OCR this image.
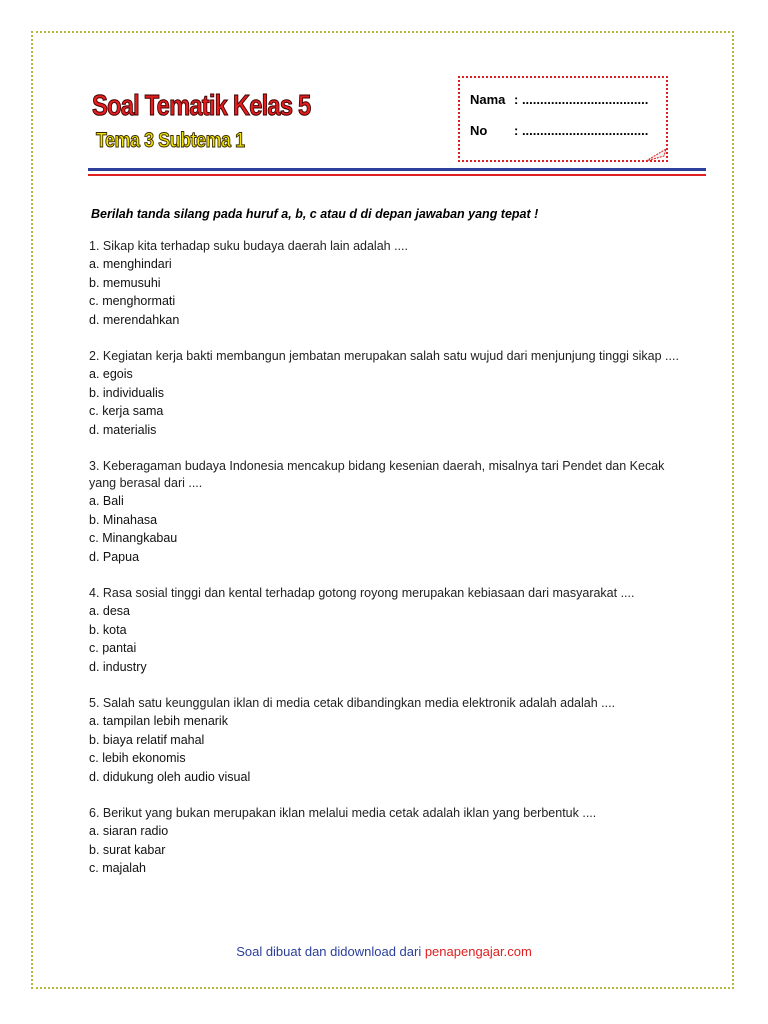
Soal Tematik Kelas 5
Tema 3 Subtema 1
Nama : ...................................
No : ...................................
Berilah tanda silang pada huruf a, b, c atau d di depan jawaban yang tepat !

1. Sikap kita terhadap suku budaya daerah lain adalah ....

a. menghindari

b. memusuhi

c. menghormati

d. merendahkan

2. Kegiatan kerja bakti membangun jembatan merupakan salah satu wujud dari menjunjung tinggi sikap ....

a. egois

b. individualis

c. kerja sama

d. materialis

3. Keberagaman budaya Indonesia mencakup bidang kesenian daerah, misalnya tari Pendet dan Kecak yang berasal dari ....

a. Bali

b. Minahasa

c. Minangkabau

d. Papua

4. Rasa sosial tinggi dan kental terhadap gotong royong merupakan kebiasaan dari masyarakat ....

a. desa

b. kota

c. pantai

d. industry

5. Salah satu keunggulan iklan di media cetak dibandingkan media elektronik adalah adalah ....

a. tampilan lebih menarik

b. biaya relatif mahal

c. lebih ekonomis

d. didukung oleh audio visual

6. Berikut yang bukan merupakan iklan melalui media cetak adalah iklan yang berbentuk ....

a. siaran radio

b. surat kabar

c. majalah

Soal dibuat dan didownload dari penapengajar.com
